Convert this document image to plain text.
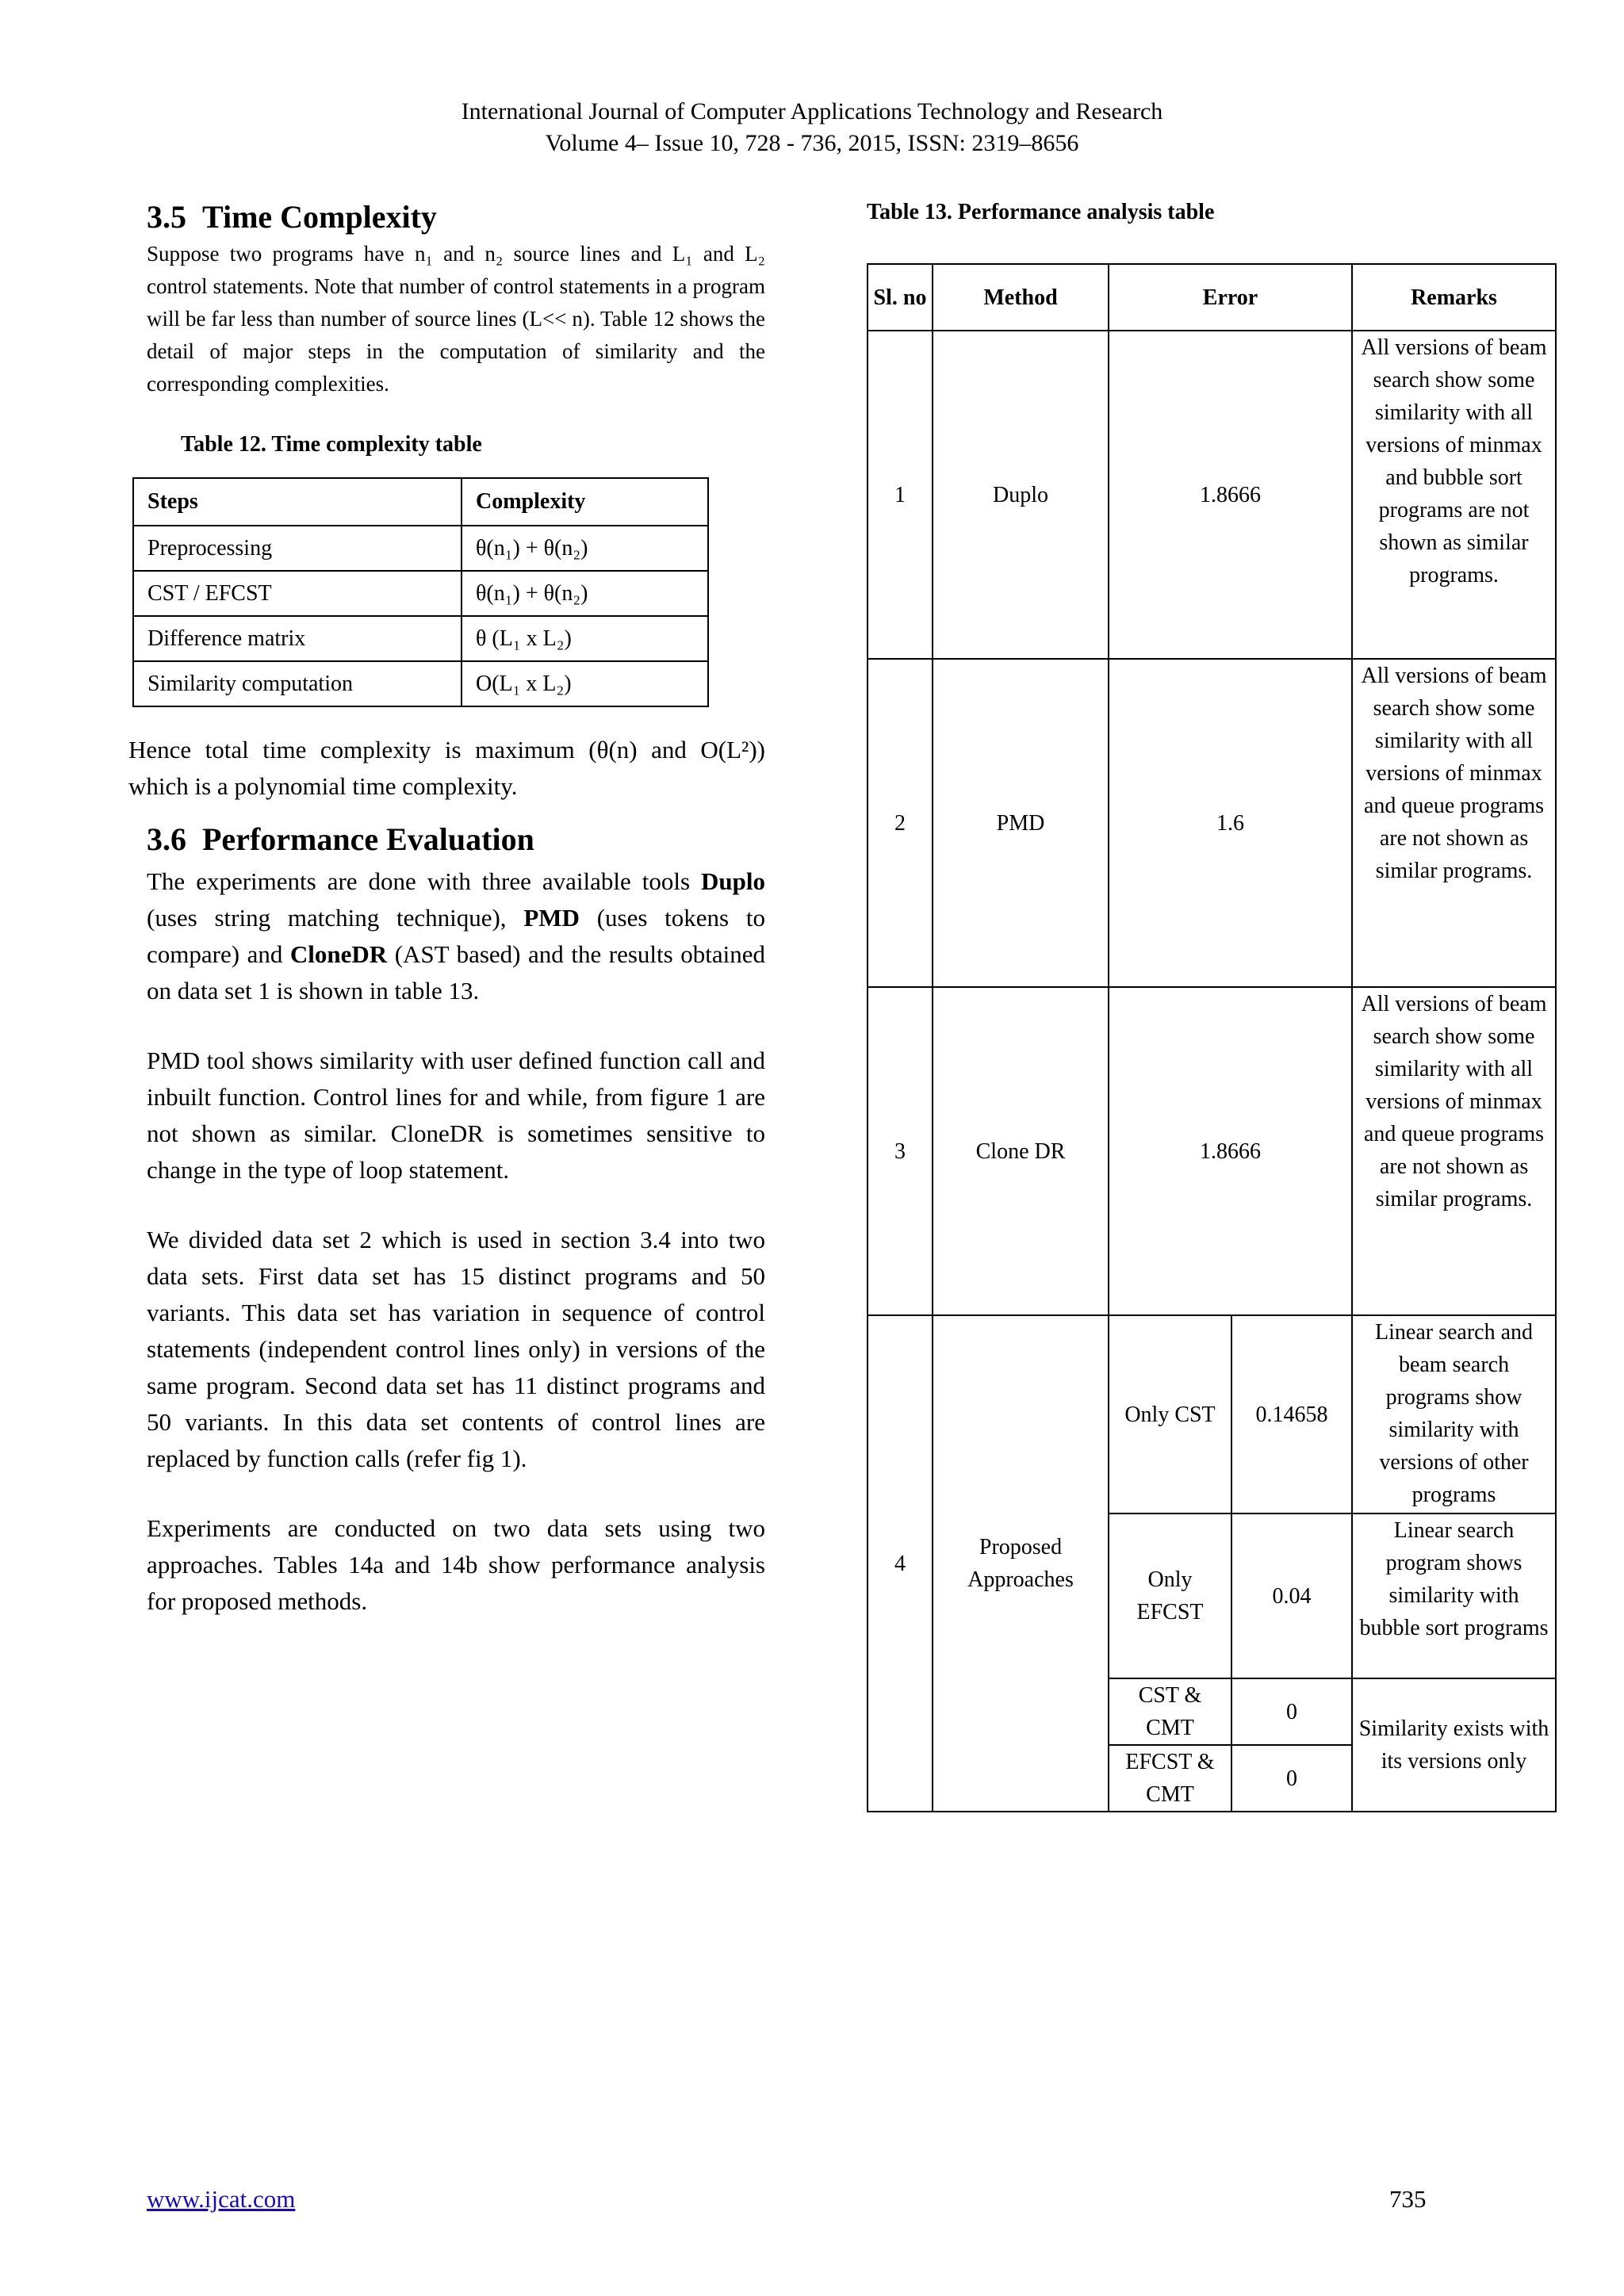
International Journal of Computer Applications Technology and Research
Volume 4– Issue 10, 728 - 736, 2015, ISSN: 2319–8656
3.5 Time Complexity

Suppose two programs have n₁ and n₂ source lines and L₁ and L₂ control statements. Note that number of control statements in a program will be far less than number of source lines (L<< n). Table 12 shows the detail of major steps in the computation of similarity and the corresponding complexities.

Table 12. Time complexity table
Steps	Complexity
Preprocessing	θ(n₁) + θ(n₂)
CST / EFCST	θ(n₁) + θ(n₂)
Difference matrix	θ (L₁ x L₂)
Similarity computation	O(L₁ x L₂)

Hence total time complexity is maximum (θ(n) and O(L²)) which is a polynomial time complexity.

3.6 Performance Evaluation

The experiments are done with three available tools Duplo (uses string matching technique), PMD (uses tokens to compare) and CloneDR (AST based) and the results obtained on data set 1 is shown in table 13.

PMD tool shows similarity with user defined function call and inbuilt function. Control lines for and while, from figure 1 are not shown as similar. CloneDR is sometimes sensitive to change in the type of loop statement.

We divided data set 2 which is used in section 3.4 into two data sets. First data set has 15 distinct programs and 50 variants. This data set has variation in sequence of control statements (independent control lines only) in versions of the same program. Second data set has 11 distinct programs and 50 variants. In this data set contents of control lines are replaced by function calls (refer fig 1).

Experiments are conducted on two data sets using two approaches. Tables 14a and 14b show performance analysis for proposed methods.

Table 13. Performance analysis table
Sl. no	Method	Error		Remarks
1	Duplo	1.8666		All versions of beam search show some similarity with all versions of minmax and bubble sort programs are not shown as similar programs.
2	PMD	1.6		All versions of beam search show some similarity with all versions of minmax and queue programs are not shown as similar programs.
3	Clone DR	1.8666		All versions of beam search show some similarity with all versions of minmax and queue programs are not shown as similar programs.
4	Proposed Approaches	Only CST	0.14658	Linear search and beam search programs show similarity with versions of other programs
		Only EFCST	0.04	Linear search program shows similarity with bubble sort programs
		CST & CMT	0	Similarity exists with its versions only
		EFCST & CMT	0	
www.ijcat.com	735
